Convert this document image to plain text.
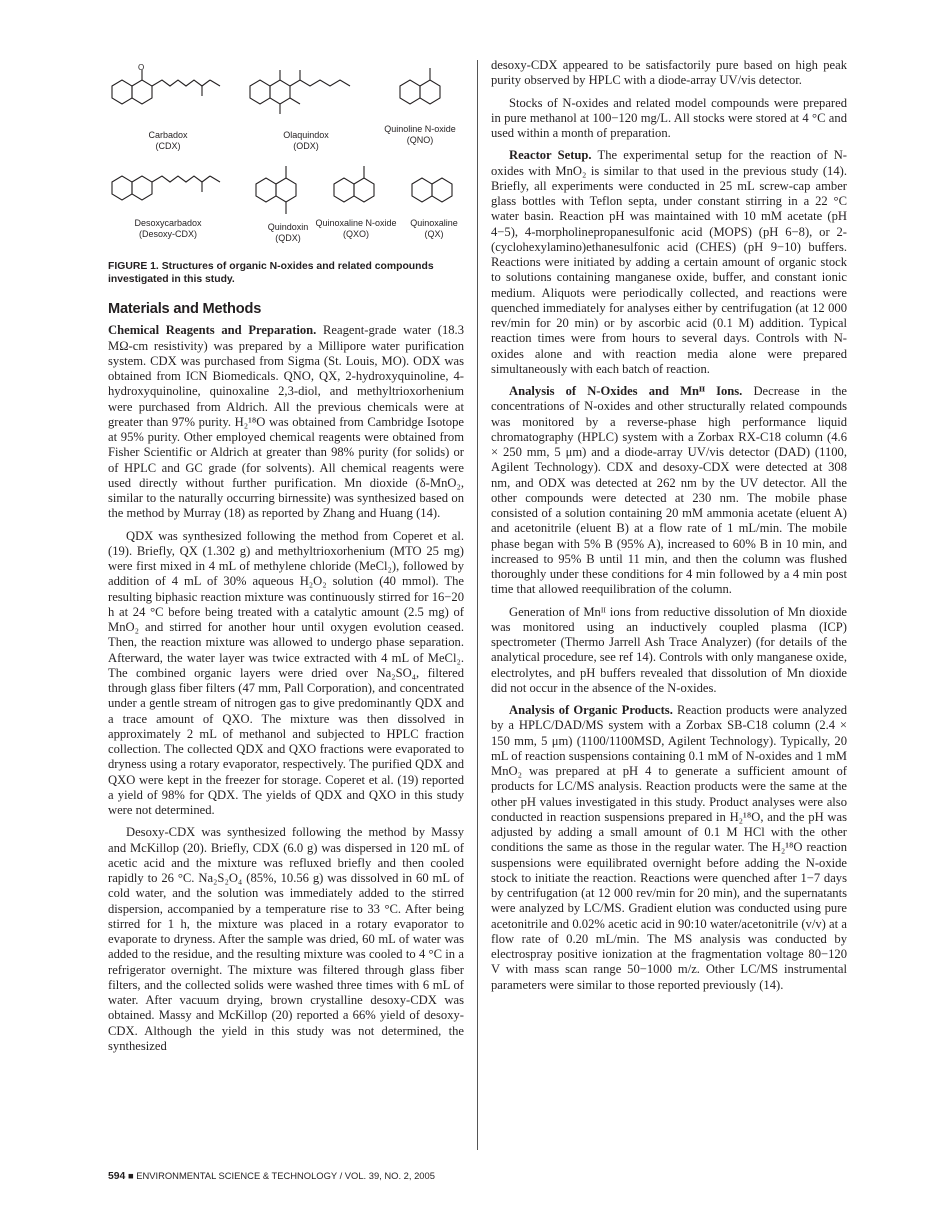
O
Carbadox
(CDX)
Olaquindox
(ODX)
Quinoline N-oxide
(QNO)
Desoxycarbadox
(Desoxy-CDX)
Quindoxin
(QDX)
Quinoxaline N-oxide
(QXO)
Quinoxaline
(QX)
FIGURE 1. Structures of organic N-oxides and related compounds investigated in this study.
Materials and Methods

Chemical Reagents and Preparation. Reagent-grade water (18.3 MΩ-cm resistivity) was prepared by a Millipore water purification system. CDX was purchased from Sigma (St. Louis, MO). ODX was obtained from ICN Biomedicals. QNO, QX, 2-hydroxyquinoline, 4-hydroxyquinoline, quinoxaline 2,3-diol, and methyltrioxorhenium were purchased from Aldrich. All the previous chemicals were at greater than 97% purity. H₂¹⁸O was obtained from Cambridge Isotope at 95% purity. Other employed chemical reagents were obtained from Fisher Scientific or Aldrich at greater than 98% purity (for solids) or of HPLC and GC grade (for solvents). All chemical reagents were used directly without further purification. Mn dioxide (δ-MnO₂, similar to the naturally occurring birnessite) was synthesized based on the method by Murray (18) as reported by Zhang and Huang (14).

QDX was synthesized following the method from Coperet et al. (19). Briefly, QX (1.302 g) and methyltrioxorhenium (MTO 25 mg) were first mixed in 4 mL of methylene chloride (MeCl₂), followed by addition of 4 mL of 30% aqueous H₂O₂ solution (40 mmol). The resulting biphasic reaction mixture was continuously stirred for 16−20 h at 24 °C before being treated with a catalytic amount (2.5 mg) of MnO₂ and stirred for another hour until oxygen evolution ceased. Then, the reaction mixture was allowed to undergo phase separation. Afterward, the water layer was twice extracted with 4 mL of MeCl₂. The combined organic layers were dried over Na₂SO₄, filtered through glass fiber filters (47 mm, Pall Corporation), and concentrated under a gentle stream of nitrogen gas to give predominantly QDX and a trace amount of QXO. The mixture was then dissolved in approximately 2 mL of methanol and subjected to HPLC fraction collection. The collected QDX and QXO fractions were evaporated to dryness using a rotary evaporator, respectively. The purified QDX and QXO were kept in the freezer for storage. Coperet et al. (19) reported a yield of 98% for QDX. The yields of QDX and QXO in this study were not determined.

Desoxy-CDX was synthesized following the method by Massy and McKillop (20). Briefly, CDX (6.0 g) was dispersed in 120 mL of acetic acid and the mixture was refluxed briefly and then cooled rapidly to 26 °C. Na₂S₂O₄ (85%, 10.56 g) was dissolved in 60 mL of cold water, and the solution was immediately added to the stirred dispersion, accompanied by a temperature rise to 33 °C. After being stirred for 1 h, the mixture was placed in a rotary evaporator to evaporate to dryness. After the sample was dried, 60 mL of water was added to the residue, and the resulting mixture was cooled to 4 °C in a refrigerator overnight. The mixture was filtered through glass fiber filters, and the collected solids were washed three times with 6 mL of water. After vacuum drying, brown crystalline desoxy-CDX was obtained. Massy and McKillop (20) reported a 66% yield of desoxy-CDX. Although the yield in this study was not determined, the synthesized

desoxy-CDX appeared to be satisfactorily pure based on high peak purity observed by HPLC with a diode-array UV/vis detector.

Stocks of N-oxides and related model compounds were prepared in pure methanol at 100−120 mg/L. All stocks were stored at 4 °C and used within a month of preparation.

Reactor Setup. The experimental setup for the reaction of N-oxides with MnO₂ is similar to that used in the previous study (14). Briefly, all experiments were conducted in 25 mL screw-cap amber glass bottles with Teflon septa, under constant stirring in a 22 °C water basin. Reaction pH was maintained with 10 mM acetate (pH 4−5), 4-morpholinepropanesulfonic acid (MOPS) (pH 6−8), or 2-(cyclohexylamino)ethanesulfonic acid (CHES) (pH 9−10) buffers. Reactions were initiated by adding a certain amount of organic stock to solutions containing manganese oxide, buffer, and constant ionic medium. Aliquots were periodically collected, and reactions were quenched immediately for analyses either by centrifugation (at 12 000 rev/min for 20 min) or by ascorbic acid (0.1 M) addition. Typical reaction times were from hours to several days. Controls with N-oxides alone and with reaction media alone were prepared simultaneously with each batch of reaction.

Analysis of N-Oxides and Mnᴵᴵ Ions. Decrease in the concentrations of N-oxides and other structurally related compounds was monitored by a reverse-phase high performance liquid chromatography (HPLC) system with a Zorbax RX-C18 column (4.6 × 250 mm, 5 μm) and a diode-array UV/vis detector (DAD) (1100, Agilent Technology). CDX and desoxy-CDX were detected at 308 nm, and ODX was detected at 262 nm by the UV detector. All the other compounds were detected at 230 nm. The mobile phase consisted of a solution containing 20 mM ammonia acetate (eluent A) and acetonitrile (eluent B) at a flow rate of 1 mL/min. The mobile phase began with 5% B (95% A), increased to 60% B in 10 min, and increased to 95% B until 11 min, and then the column was flushed thoroughly under these conditions for 4 min followed by a 4 min post time that allowed reequilibration of the column.

Generation of Mnᴵᴵ ions from reductive dissolution of Mn dioxide was monitored using an inductively coupled plasma (ICP) spectrometer (Thermo Jarrell Ash Trace Analyzer) (for details of the analytical procedure, see ref 14). Controls with only manganese oxide, electrolytes, and pH buffers revealed that dissolution of Mn dioxide did not occur in the absence of the N-oxides.

Analysis of Organic Products. Reaction products were analyzed by a HPLC/DAD/MS system with a Zorbax SB-C18 column (2.4 × 150 mm, 5 μm) (1100/1100MSD, Agilent Technology). Typically, 20 mL of reaction suspensions containing 0.1 mM of N-oxides and 1 mM MnO₂ was prepared at pH 4 to generate a sufficient amount of products for LC/MS analysis. Reaction products were the same at the other pH values investigated in this study. Product analyses were also conducted in reaction suspensions prepared in H₂¹⁸O, and the pH was adjusted by adding a small amount of 0.1 M HCl with the other conditions the same as those in the regular water. The H₂¹⁸O reaction suspensions were equilibrated overnight before adding the N-oxide stock to initiate the reaction. Reactions were quenched after 1−7 days by centrifugation (at 12 000 rev/min for 20 min), and the supernatants were analyzed by LC/MS. Gradient elution was conducted using pure acetonitrile and 0.02% acetic acid in 90:10 water/acetonitrile (v/v) at a flow rate of 0.20 mL/min. The MS analysis was conducted by electrospray positive ionization at the fragmentation voltage 80−120 V with mass scan range 50−1000 m/z. Other LC/MS instrumental parameters were similar to those reported previously (14).

594 ■ ENVIRONMENTAL SCIENCE & TECHNOLOGY / VOL. 39, NO. 2, 2005
